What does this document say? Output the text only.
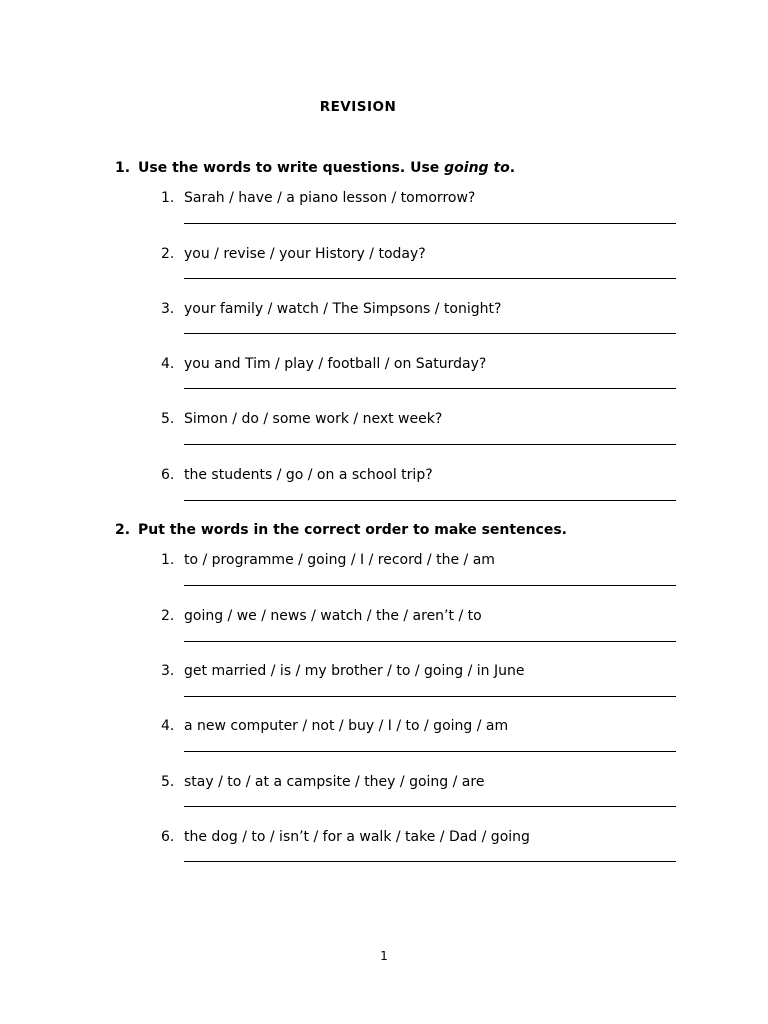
REVISION
1. Use the words to write questions. Use going to.
1. Sarah / have / a piano lesson / tomorrow?
2. you / revise / your History / today?
3. your family / watch / The Simpsons / tonight?
4. you and Tim / play / football / on Saturday?
5. Simon / do / some work / next week?
6. the students / go / on a school trip?
2. Put the words in the correct order to make sentences.
1. to / programme / going / I / record / the / am
2. going / we / news / watch / the / aren’t / to
3. get married / is / my brother / to / going / in June
4. a new computer / not / buy / I / to / going / am
5. stay / to / at a campsite / they / going / are
6. the dog / to / isn’t / for a walk / take / Dad / going
1
